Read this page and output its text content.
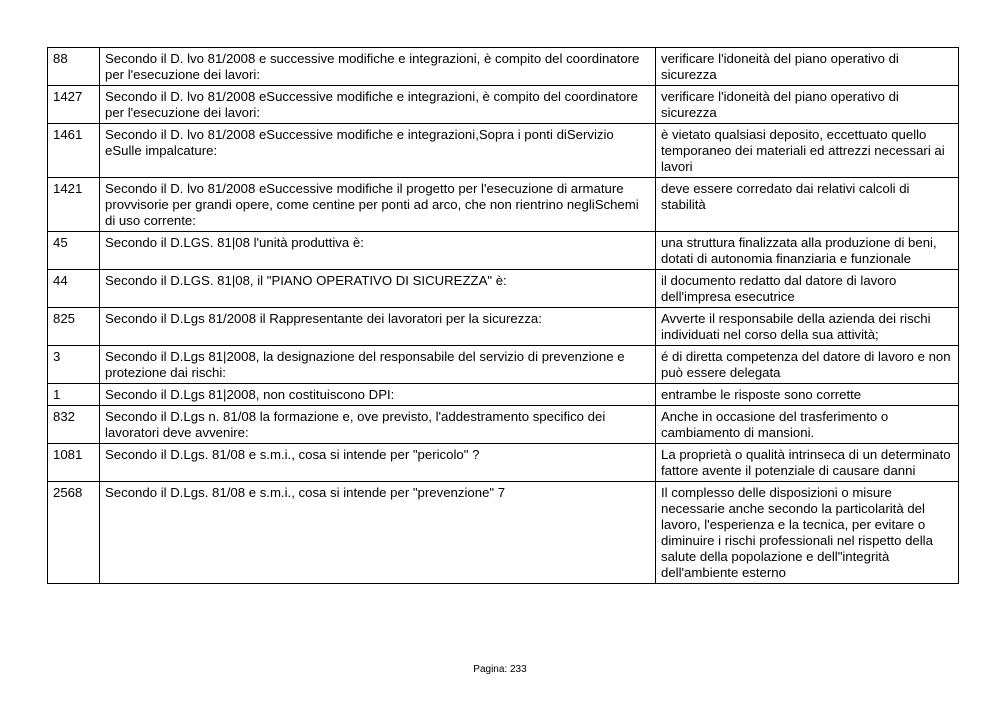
88	Secondo il D. lvo 81/2008 e successive modifiche e integrazioni, è compito del coordinatore per l'esecuzione dei lavori:	verificare l'idoneità del piano operativo di sicurezza
1427	Secondo il D. lvo 81/2008 eSuccessive modifiche e integrazioni, è compito del coordinatore per l'esecuzione dei lavori:	verificare l'idoneità del piano operativo di sicurezza
1461	Secondo il D. lvo 81/2008 eSuccessive modifiche e integrazioni,Sopra i ponti diServizio eSulle impalcature:	è vietato qualsiasi deposito, eccettuato quello temporaneo dei materiali ed attrezzi necessari ai lavori
1421	Secondo il D. lvo 81/2008 eSuccessive modifiche il progetto per l'esecuzione di armature provvisorie per grandi opere, come centine per ponti ad arco, che non rientrino negliSchemi di uso corrente:	deve essere corredato dai relativi calcoli di stabilità
45	Secondo il D.LGS. 81|08 l'unità produttiva è:	una struttura finalizzata alla produzione di beni, dotati di autonomia finanziaria e funzionale
44	Secondo il D.LGS. 81|08, il "PIANO OPERATIVO DI SICUREZZA" è:	il documento redatto dal datore di lavoro dell'impresa esecutrice
825	Secondo il D.Lgs 81/2008 il Rappresentante dei lavoratori per la sicurezza:	Avverte il responsabile della azienda dei rischi individuati nel corso della sua attività;
3	Secondo il D.Lgs 81|2008, la designazione del responsabile del servizio di prevenzione e protezione dai rischi:	é di diretta competenza del datore di lavoro e non può essere delegata
1	Secondo il D.Lgs 81|2008, non costituiscono DPI:	entrambe le risposte sono corrette
832	Secondo il D.Lgs n. 81/08 la formazione e, ove previsto, l'addestramento specifico dei lavoratori deve avvenire:	Anche in occasione del trasferimento o cambiamento di mansioni.
1081	Secondo il D.Lgs. 81/08 e s.m.i., cosa si intende per "pericolo" ?	La proprietà o qualità intrinseca di un determinato fattore avente il potenziale di causare danni
2568	Secondo il D.Lgs. 81/08 e s.m.i., cosa si intende per "prevenzione" 7	Il complesso delle disposizioni o misure necessarie anche secondo la particolarità del lavoro, l'esperienza e la tecnica, per evitare o diminuire i rischi professionali nel rispetto della salute della popolazione e dell"integrità dell'ambiente esterno
Pagina: 233
